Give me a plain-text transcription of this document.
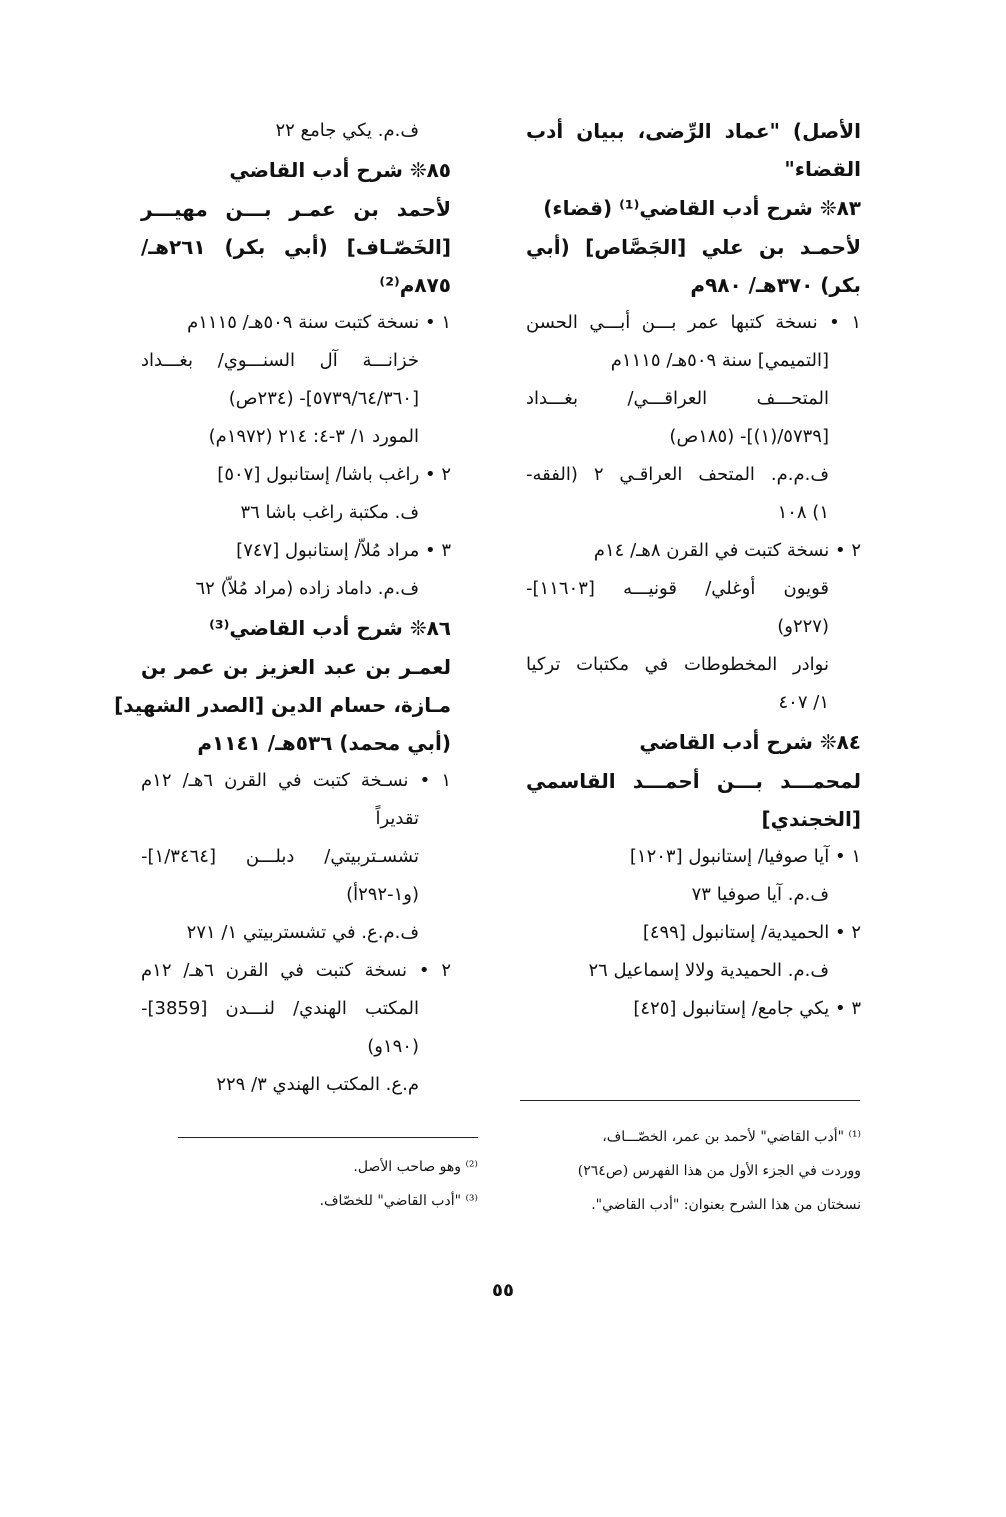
الأصل) "عماد الرِّضى، ببيان أدب

القضاء"

٨٣❊ شرح أدب القاضي⁽¹⁾ (قضاء)

لأحمـد بن علي [الجَصَّاص] (أبي

بكر) ٣٧٠هـ/ ٩٨٠م

١ • نسخة كتبها عمر بـــن أبـــي الحسن

[التميمي] سنة ٥٠٩هـ/ ١١١٥م

المتحـــف العراقـــي/ بغـــداد

[٥٧٣٩/(١)]- (١٨٥ص)

ف.م.م. المتحف العراقـي ٢ (الفقه-

١) ١٠٨

٢ • نسخة كتبت في القرن ٨هـ/ ١٤م

قويون أوغلي/ قونيـــه [١١٦٠٣]-

(٢٢٧و)

نوادر المخطوطات في مكتبات تركيا

١/ ٤٠٧

٨٤❊ شرح أدب القاضي

لمحمـــد بـــن أحمـــد القاسمي

[الخجندي]

١ • آيا صوفيا/ إستانبول [١٢٠٣]

ف.م. آيا صوفيا ٧٣

٢ • الحميدية/ إستانبول [٤٩٩]

ف.م. الحميدية ولالا إسماعيل ٢٦

٣ • يكي جامع/ إستانبول [٤٢٥]

ف.م. يكي جامع ٢٢

٨٥❊ شرح أدب القاضي

لأحمد بن عمـر بـــن مهيـــر

[الخَصّـاف] (أبي بكر) ٢٦١هـ/

٨٧٥م⁽²⁾

١ • نسخة كتبت سنة ٥٠٩هـ/ ١١١٥م

خزانـــة آل السنـــوي/ بغـــداد

[٥٧٣٩/٦٤/٣٦٠]- (٢٣٤ص)

المورد ١/ ٣-٤: ٢١٤ (١٩٧٢م)

٢ • راغب باشا/ إستانبول [٥٠٧]

ف. مكتبة راغب باشا ٣٦

٣ • مراد مُلاّ/ إستانبول [٧٤٧]

ف.م. داماد زاده (مراد مُلاّ) ٦٢

٨٦❊ شرح أدب القاضي⁽³⁾

لعمـر بن عبد العزيز بن عمر بن

مـازة، حسام الدين [الصدر الشهيد]

(أبي محمد) ٥٣٦هـ/ ١١٤١م

١ • نسـخة كتبت في القرن ٦هـ/ ١٢م

تقديراً

تشسـتربيتي/ دبلـــن [١/٣٤٦٤]-

(و١-٢٩٢أ)

ف.م.ع. في تشستربيتي ١/ ٢٧١

٢ • نسخة كتبت في القرن ٦هـ/ ١٢م

المكتب الهندي/ لنـــدن [3859]-

(١٩٠و)

م.ع. المكتب الهندي ٣/ ٢٢٩

⁽¹⁾ "أدب القاضي" لأحمد بن عمر، الخصّـــاف،

ووردت في الجزء الأول من هذا الفهرس (ص٢٦٤)

نسختان من هذا الشرح بعنوان: "أدب القاضي".

⁽²⁾ وهو صاحب الأصل.

⁽³⁾ "أدب القاضي" للخصّاف.

٥٥
